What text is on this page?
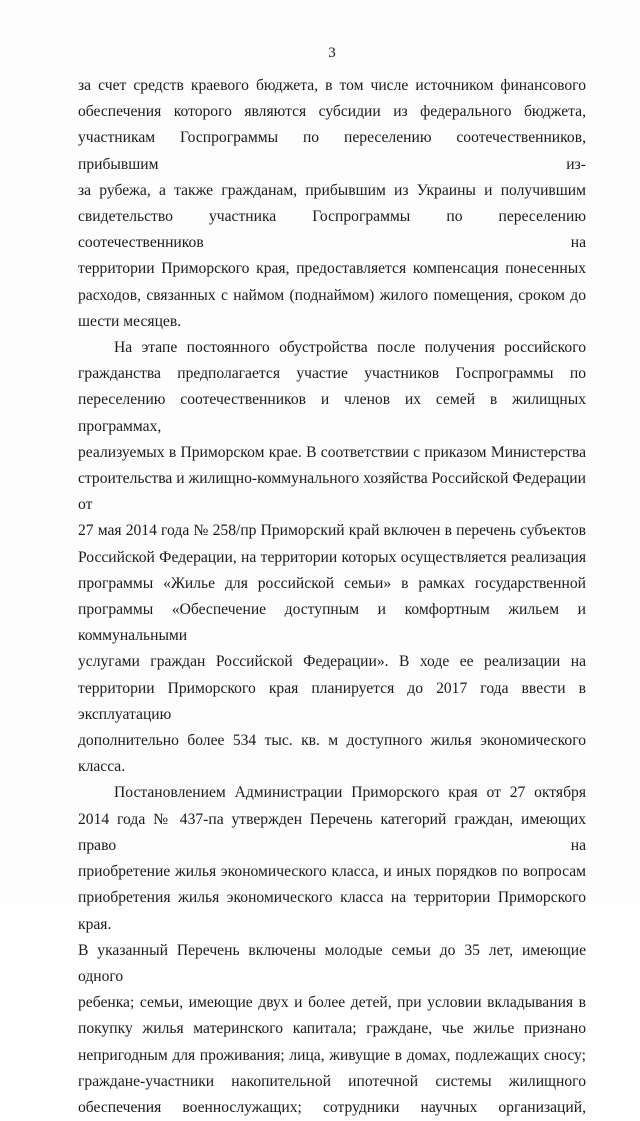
3
за счет средств краевого бюджета, в том числе источником финансового
обеспечения которого являются субсидии из федерального бюджета,
участникам Госпрограммы по переселению соотечественников, прибывшим из-
за рубежа, а также гражданам, прибывшим из Украины и получившим
свидетельство участника Госпрограммы по переселению соотечественников на
территории Приморского края, предоставляется компенсация понесенных
расходов, связанных с наймом (поднаймом) жилого помещения, сроком до
шести месяцев.
На этапе постоянного обустройства после получения российского
гражданства предполагается участие участников Госпрограммы по
переселению соотечественников и членов их семей в жилищных программах,
реализуемых в Приморском крае. В соответствии с приказом Министерства
строительства и жилищно-коммунального хозяйства Российской Федерации от
27 мая 2014 года № 258/пр Приморский край включен в перечень субъектов
Российской Федерации, на территории которых осуществляется реализация
программы «Жилье для российской семьи» в рамках государственной
программы «Обеспечение доступным и комфортным жильем и коммунальными
услугами граждан Российской Федерации». В ходе ее реализации на
территории Приморского края планируется до 2017 года ввести в эксплуатацию
дополнительно более 534 тыс. кв. м доступного жилья экономического класса.
Постановлением Администрации Приморского края от 27 октября
2014 года № 437-па утвержден Перечень категорий граждан, имеющих право на
приобретение жилья экономического класса, и иных порядков по вопросам
приобретения жилья экономического класса на территории Приморского края.
В указанный Перечень включены молодые семьи до 35 лет, имеющие одного
ребенка; семьи, имеющие двух и более детей, при условии вкладывания в
покупку жилья материнского капитала; граждане, чье жилье признано
непригодным для проживания; лица, живущие в домах, подлежащих сносу;
граждане-участники накопительной ипотечной системы жилищного
обеспечения военнослужащих; сотрудники научных организаций,
